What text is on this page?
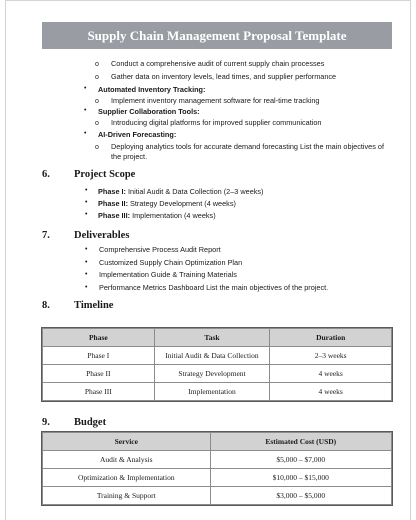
Supply Chain Management Proposal Template
o Conduct a comprehensive audit of current supply chain processes
o Gather data on inventory levels, lead times, and supplier performance
• Automated Inventory Tracking:
o Implement inventory management software for real-time tracking
• Supplier Collaboration Tools:
o Introducing digital platforms for improved supplier communication
• AI-Driven Forecasting:
o Deploying analytics tools for accurate demand forecasting List the main objectives of
the project.
6. Project Scope
• Phase I: Initial Audit & Data Collection (2–3 weeks)
• Phase II: Strategy Development (4 weeks)
• Phase III: Implementation (4 weeks)
7. Deliverables
• Comprehensive Process Audit Report
• Customized Supply Chain Optimization Plan
• Implementation Guide & Training Materials
• Performance Metrics Dashboard List the main objectives of the project.
8. Timeline
Phase	Task	Duration
Phase I	Initial Audit & Data Collection	2–3 weeks
Phase II	Strategy Development	4 weeks
Phase III	Implementation	4 weeks
9. Budget
Service	Estimated Cost (USD)
Audit & Analysis	$5,000 – $7,000
Optimization & Implementation	$10,000 – $15,000
Training & Support	$3,000 – $5,000
